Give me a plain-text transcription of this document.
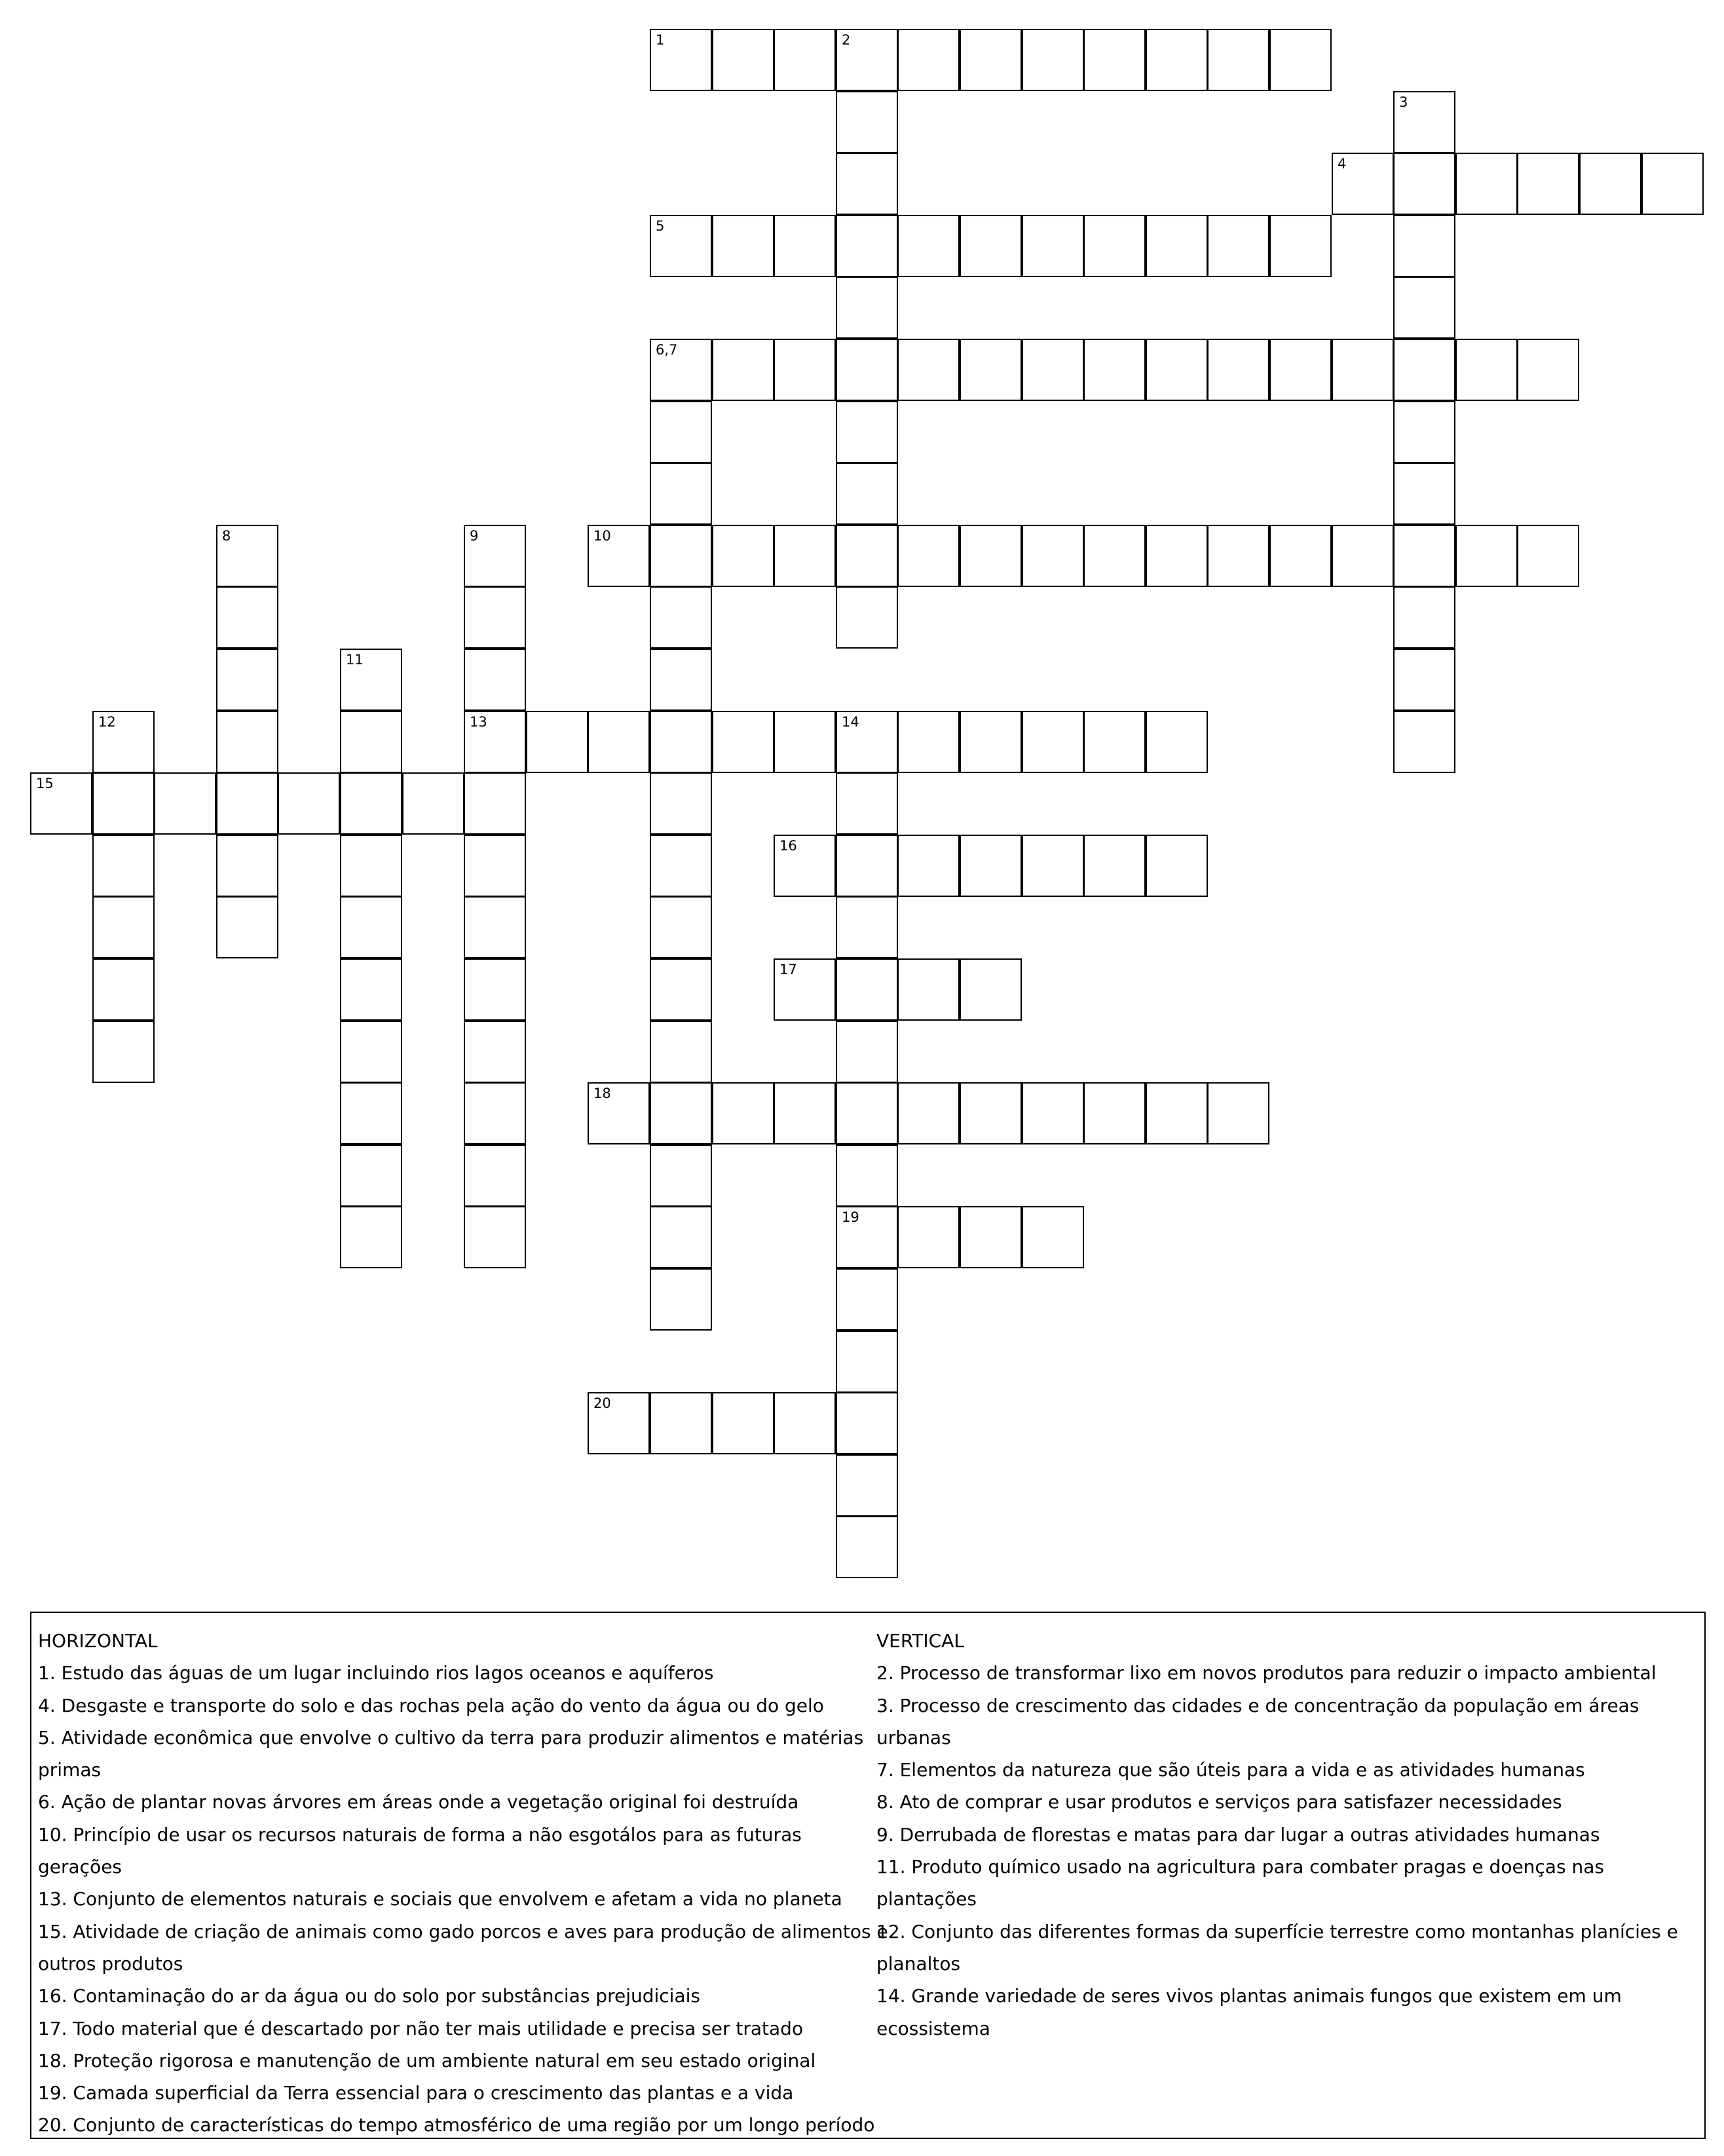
1	2
3
4
5
6,7
8	9	10
11
12	13	14
15
16
17
18
19
20
HORIZONTAL
1. Estudo das águas de um lugar incluindo rios lagos oceanos e aquíferos
4. Desgaste e transporte do solo e das rochas pela ação do vento da água ou do gelo
5. Atividade econômica que envolve o cultivo da terra para produzir alimentos e matérias
primas
6. Ação de plantar novas árvores em áreas onde a vegetação original foi destruída
10. Princípio de usar os recursos naturais de forma a não esgotálos para as futuras gerações
13. Conjunto de elementos naturais e sociais que envolvem e afetam a vida no planeta
15. Atividade de criação de animais como gado porcos e aves para produção de alimentos e
outros produtos
16. Contaminação do ar da água ou do solo por substâncias prejudiciais
17. Todo material que é descartado por não ter mais utilidade e precisa ser tratado
18. Proteção rigorosa e manutenção de um ambiente natural em seu estado original
19. Camada superficial da Terra essencial para o crescimento das plantas e a vida
20. Conjunto de características do tempo atmosférico de uma região por um longo período
VERTICAL
2. Processo de transformar lixo em novos produtos para reduzir o impacto ambiental
3. Processo de crescimento das cidades e de concentração da população em áreas urbanas
7. Elementos da natureza que são úteis para a vida e as atividades humanas
8. Ato de comprar e usar produtos e serviços para satisfazer necessidades
9. Derrubada de florestas e matas para dar lugar a outras atividades humanas
11. Produto químico usado na agricultura para combater pragas e doenças nas plantações
12. Conjunto das diferentes formas da superfície terrestre como montanhas planícies e
planaltos
14. Grande variedade de seres vivos plantas animais fungos que existem em um ecossistema
